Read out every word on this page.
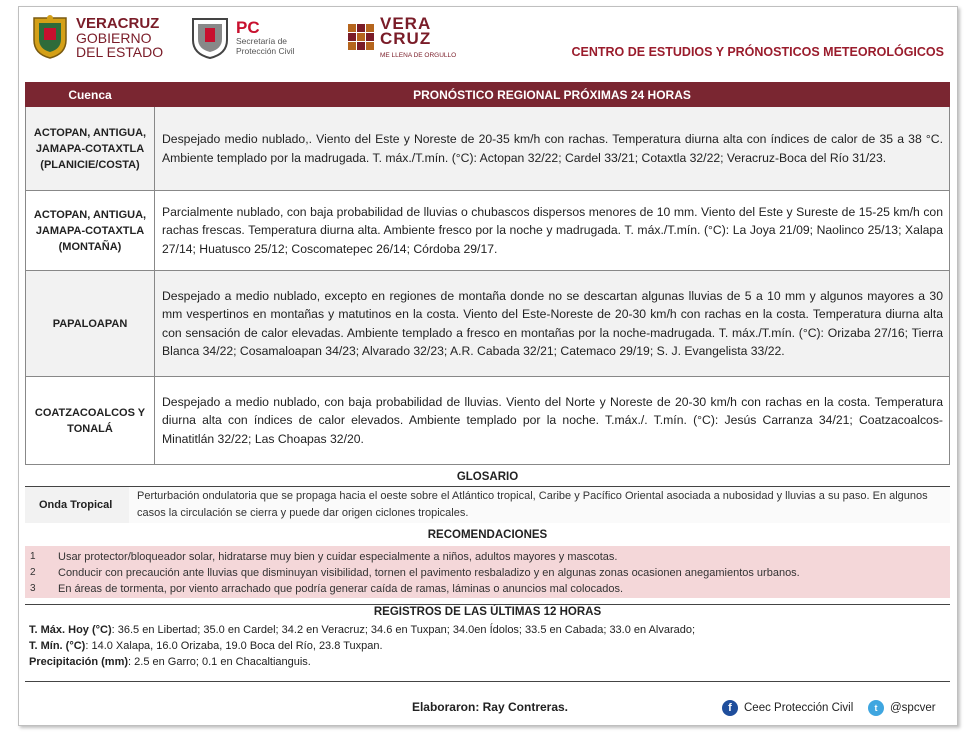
VERACRUZ
GOBIERNO
DEL ESTADO
PC
Secretaría de
Protección Civil
VERA
CRUZ
ME LLENA DE ORGULLO	CENTRO DE ESTUDIOS Y PRÓNOSTICOS METEOROLÓGICOS
Cuenca	PRONÓSTICO REGIONAL PRÓXIMAS 24 HORAS
ACTOPAN, ANTIGUA, JAMAPA-COTAXTLA (PLANICIE/COSTA)	Despejado medio nublado,. Viento del Este y Noreste de 20-35 km/h con rachas. Temperatura diurna alta con índices de calor de 35 a 38 °C. Ambiente templado por la madrugada. T. máx./T.mín. (°C): Actopan 32/22; Cardel 33/21; Cotaxtla 32/22; Veracruz-Boca del Río 31/23.
ACTOPAN, ANTIGUA, JAMAPA-COTAXTLA (MONTAÑA)	Parcialmente nublado, con baja probabilidad de lluvias o chubascos dispersos menores de 10 mm. Viento del Este y Sureste de 15-25 km/h con rachas frescas. Temperatura diurna alta. Ambiente fresco por la noche y madrugada. T. máx./T.mín. (°C): La Joya 21/09; Naolinco 25/13; Xalapa 27/14; Huatusco 25/12; Coscomatepec 26/14; Córdoba 29/17.
PAPALOAPAN	Despejado a medio nublado, excepto en regiones de montaña donde no se descartan algunas lluvias de 5 a 10 mm y algunos mayores a 30 mm vespertinos en montañas y matutinos en la costa. Viento del Este-Noreste de 20-30 km/h con rachas en la costa. Temperatura diurna alta con sensación de calor elevadas. Ambiente templado a fresco en montañas por la noche-madrugada. T. máx./T.mín. (°C): Orizaba 27/16; Tierra Blanca 34/22; Cosamaloapan 34/23; Alvarado 32/23; A.R. Cabada 32/21; Catemaco 29/19; S. J. Evangelista 33/22.
COATZACOALCOS Y TONALÁ	Despejado a medio nublado, con baja probabilidad de lluvias. Viento del Norte y Noreste de 20-30 km/h con rachas en la costa. Temperatura diurna alta con índices de calor elevados. Ambiente templado por la noche. T.máx./. T.mín. (°C): Jesús Carranza 34/21; Coatzacoalcos-Minatitlán 32/22; Las Choapas 32/20.
GLOSARIO
Onda Tropical
Perturbación ondulatoria que se propaga hacia el oeste sobre el Atlántico tropical, Caribe y Pacífico Oriental asociada a nubosidad y lluvias a su paso. En algunos casos la circulación se cierra y puede dar origen ciclones tropicales.
RECOMENDACIONES
1	Usar protector/bloqueador solar, hidratarse muy bien y cuidar especialmente a niños, adultos mayores y mascotas.
2	Conducir con precaución ante lluvias que disminuyan visibilidad, tornen el pavimento resbaladizo y en algunas zonas ocasionen anegamientos urbanos.
3	En áreas de tormenta, por viento arrachado que podría generar caída de ramas, láminas o anuncios mal colocados.
REGISTROS DE LAS ÚLTIMAS 12 HORAS
T. Máx. Hoy (°C): 36.5 en Libertad; 35.0 en Cardel; 34.2 en Veracruz; 34.6 en Tuxpan; 34.0en Ídolos; 33.5 en Cabada; 33.0 en Alvarado;
T. Mín. (°C): 14.0 Xalapa, 16.0 Orizaba, 19.0 Boca del Río, 23.8 Tuxpan.
Precipitación (mm): 2.5 en Garro; 0.1 en Chacaltianguis.
Elaboraron: Ray Contreras.	f	Ceec Protección Civil	t	@spcver
